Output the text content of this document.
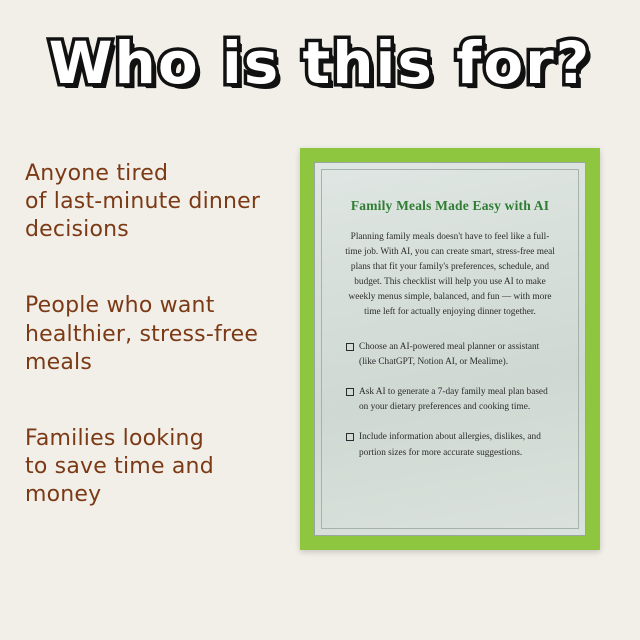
Who is this for?
Anyone tired
of last-minute dinner
decisions
People who want
healthier, stress-free
meals
Families looking
to save time and money
Family Meals Made Easy with AI
Planning family meals doesn't have to feel like a full-time job. With AI, you can create smart, stress-free meal plans that fit your family's preferences, schedule, and budget. This checklist will help you use AI to make weekly menus simple, balanced, and fun — with more time left for actually enjoying dinner together.
Choose an AI-powered meal planner or assistant (like ChatGPT, Notion AI, or Mealime).
Ask AI to generate a 7-day family meal plan based on your dietary preferences and cooking time.
Include information about allergies, dislikes, and portion sizes for more accurate suggestions.
